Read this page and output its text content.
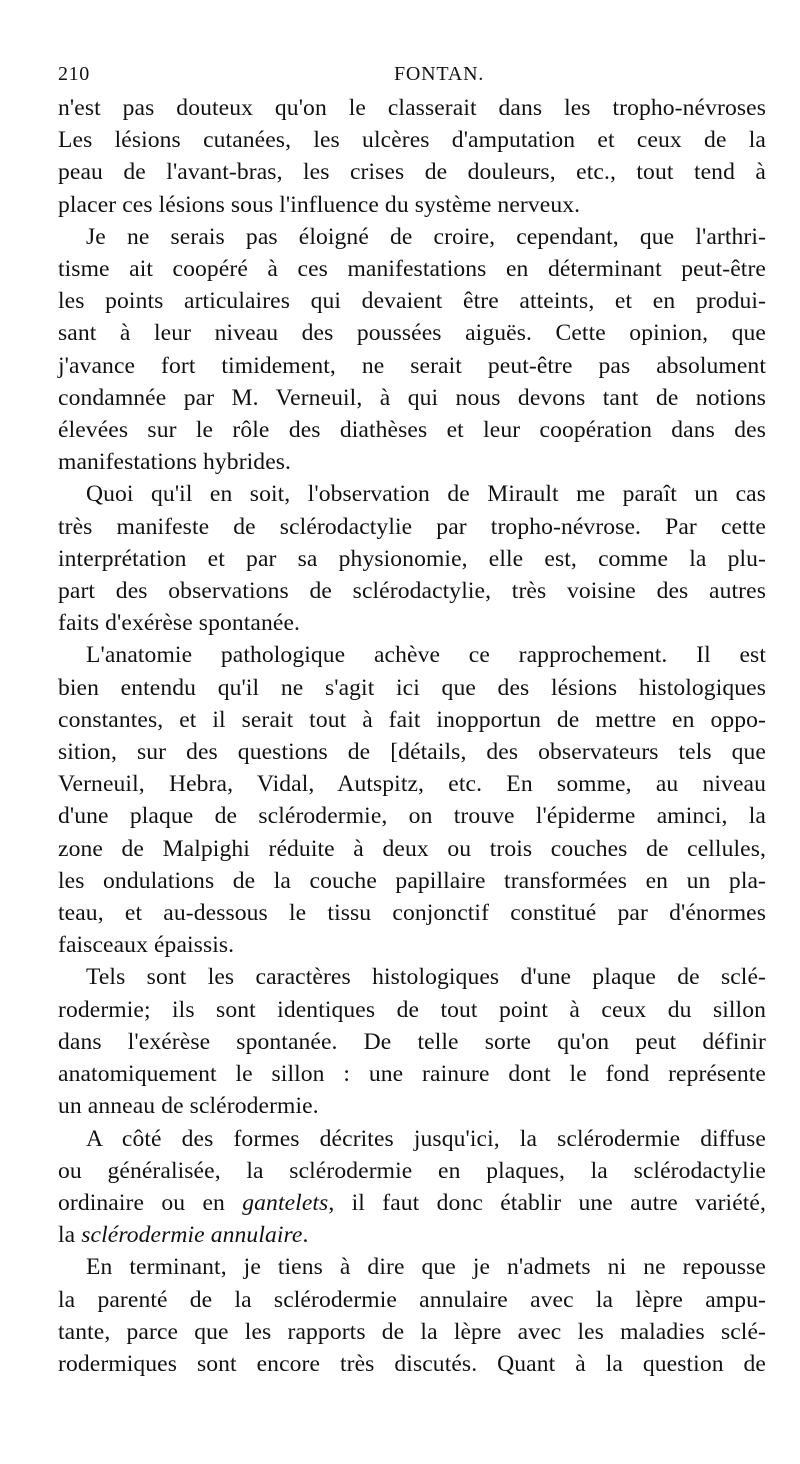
210	FONTAN.

n'est pas douteux qu'on le classerait dans les tropho-névroses
Les lésions cutanées, les ulcères d'amputation et ceux de la
peau de l'avant-bras, les crises de douleurs, etc., tout tend à
placer ces lésions sous l'influence du système nerveux.

Je ne serais pas éloigné de croire, cependant, que l'arthri-
tisme ait coopéré à ces manifestations en déterminant peut-être
les points articulaires qui devaient être atteints, et en produi-
sant à leur niveau des poussées aiguës. Cette opinion, que
j'avance fort timidement, ne serait peut-être pas absolument
condamnée par M. Verneuil, à qui nous devons tant de notions
élevées sur le rôle des diathèses et leur coopération dans des
manifestations hybrides.

Quoi qu'il en soit, l'observation de Mirault me paraît un cas
très manifeste de sclérodactylie par tropho-névrose. Par cette
interprétation et par sa physionomie, elle est, comme la plu-
part des observations de sclérodactylie, très voisine des autres
faits d'exérèse spontanée.

L'anatomie pathologique achève ce rapprochement. Il est
bien entendu qu'il ne s'agit ici que des lésions histologiques
constantes, et il serait tout à fait inopportun de mettre en oppo-
sition, sur des questions de [détails, des observateurs tels que
Verneuil, Hebra, Vidal, Autspitz, etc. En somme, au niveau
d'une plaque de sclérodermie, on trouve l'épiderme aminci, la
zone de Malpighi réduite à deux ou trois couches de cellules,
les ondulations de la couche papillaire transformées en un pla-
teau, et au-dessous le tissu conjonctif constitué par d'énormes
faisceaux épaissis.

Tels sont les caractères histologiques d'une plaque de sclé-
rodermie; ils sont identiques de tout point à ceux du sillon
dans l'exérèse spontanée. De telle sorte qu'on peut définir
anatomiquement le sillon : une rainure dont le fond représente
un anneau de sclérodermie.

A côté des formes décrites jusqu'ici, la sclérodermie diffuse
ou généralisée, la sclérodermie en plaques, la sclérodactylie
ordinaire ou en gantelets, il faut donc établir une autre variété,
la sclérodermie annulaire.

En terminant, je tiens à dire que je n'admets ni ne repousse
la parenté de la sclérodermie annulaire avec la lèpre ampu-
tante, parce que les rapports de la lèpre avec les maladies sclé-
rodermiques sont encore très discutés. Quant à la question de
